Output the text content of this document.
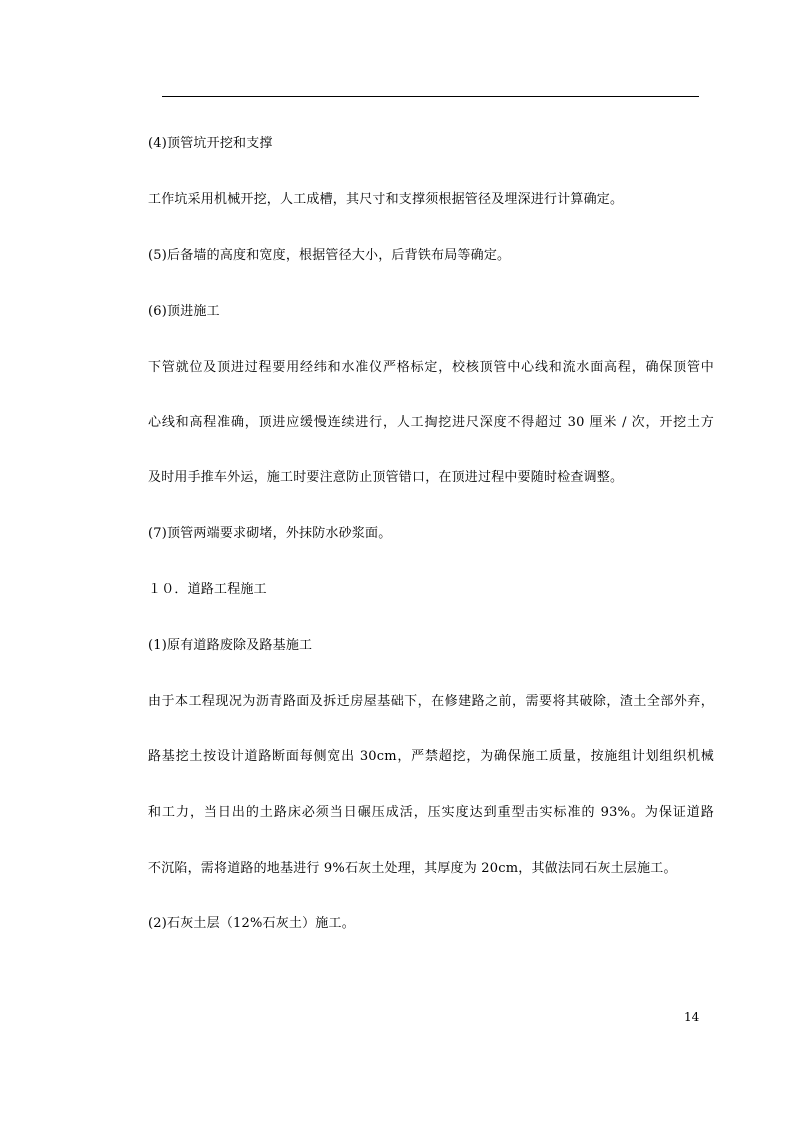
(4)顶管坑开挖和支撑
工作坑采用机械开挖，人工成槽，其尺寸和支撑须根据管径及埋深进行计算确定。
(5)后备墙的高度和宽度，根据管径大小，后背铁布局等确定。
(6)顶进施工
下管就位及顶进过程要用经纬和水准仪严格标定，校核顶管中心线和流水面高程，确保顶管中
心线和高程准确，顶进应缓慢连续进行，人工掏挖进尺深度不得超过 30 厘米 / 次，开挖土方
及时用手推车外运，施工时要注意防止顶管错口，在顶进过程中要随时检查调整。
(7)顶管两端要求砌堵，外抹防水砂浆面。
１０．道路工程施工
(1)原有道路废除及路基施工
由于本工程现况为沥青路面及拆迁房屋基础下，在修建路之前，需要将其破除，渣土全部外弃，
路基挖土按设计道路断面每侧宽出 30cm，严禁超挖，为确保施工质量，按施组计划组织机械
和工力，当日出的土路床必须当日碾压成活，压实度达到重型击实标准的 93%。为保证道路
不沉陷，需将道路的地基进行 9%石灰土处理，其厚度为 20cm，其做法同石灰土层施工。
(2)石灰土层（12%石灰土）施工。
14
